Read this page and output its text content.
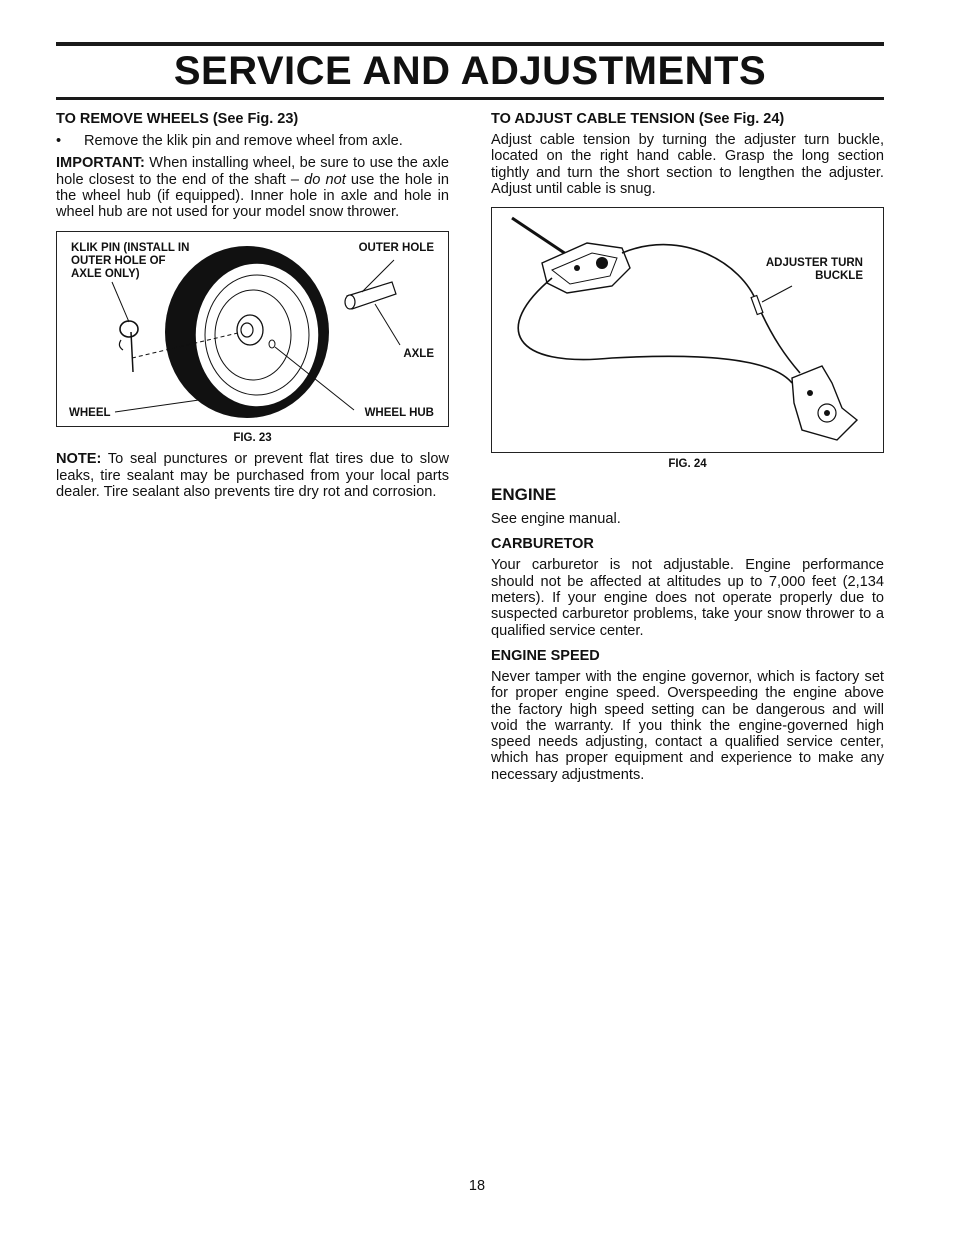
SERVICE AND ADJUSTMENTS
TO REMOVE WHEELS (See Fig. 23)
• Remove the klik pin and remove wheel from axle.

IMPORTANT: When installing wheel, be sure to use the axle hole closest to the end of the shaft – do not use the hole in the wheel hub (if equipped). Inner hole in axle and hole in wheel hub are not used for your model snow thrower.

KLIK PIN (INSTALL IN OUTER HOLE OF AXLE ONLY)
OUTER HOLE
AXLE
WHEEL	WHEEL HUB
FIG. 23

NOTE: To seal punctures or prevent flat tires due to slow leaks, tire sealant may be purchased from your local parts dealer. Tire sealant also prevents tire dry rot and corrosion.

TO ADJUST CABLE TENSION (See Fig. 24)

Adjust cable tension by turning the adjuster turn buckle, located on the right hand cable. Grasp the long section tightly and turn the short section to lengthen the adjuster. Adjust until cable is snug.

ADJUSTER TURN BUCKLE
FIG. 24
ENGINE

See engine manual.

CARBURETOR

Your carburetor is not adjustable. Engine performance should not be affected at altitudes up to 7,000 feet (2,134 meters). If your engine does not operate properly due to suspected carburetor problems, take your snow thrower to a qualified service center.

ENGINE SPEED

Never tamper with the engine governor, which is factory set for proper engine speed. Overspeeding the engine above the factory high speed setting can be dangerous and will void the warranty. If you think the engine-governed high speed needs adjusting, contact a qualified service center, which has proper equipment and experience to make any necessary adjustments.

18
